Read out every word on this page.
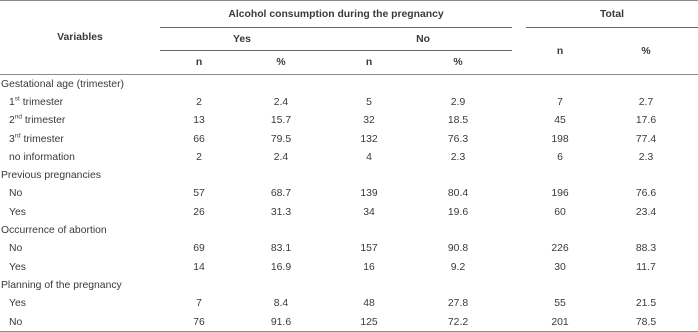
Variables	Alcohol consumption during the pregnancy						Total	
	Yes			No			n	%
	n	%		n	%			
Gestational age (trimester)								
1st trimester	2	2.4		5	2.9		7	2.7
2nd trimester	13	15.7		32	18.5		45	17.6
3rd trimester	66	79.5		132	76.3		198	77.4
no information	2	2.4		4	2.3		6	2.3
Previous pregnancies								
No	57	68.7		139	80.4		196	76.6
Yes	26	31.3		34	19.6		60	23.4
Occurrence of abortion								
No	69	83.1		157	90.8		226	88.3
Yes	14	16.9		16	9.2		30	11.7
Planning of the pregnancy								
Yes	7	8.4		48	27.8		55	21.5
No	76	91.6		125	72.2		201	78.5
